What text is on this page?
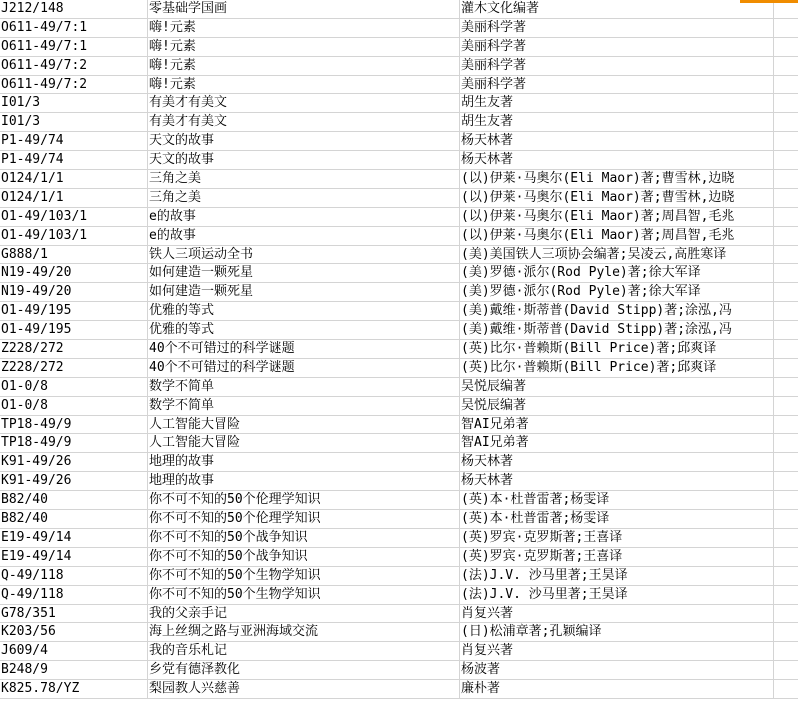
J212/148	零基础学国画	灌木文化编著
O611-49/7:1	嗨!元素	美丽科学著
O611-49/7:1	嗨!元素	美丽科学著
O611-49/7:2	嗨!元素	美丽科学著
O611-49/7:2	嗨!元素	美丽科学著
I01/3	有美才有美文	胡生友著
I01/3	有美才有美文	胡生友著
P1-49/74	天文的故事	杨天林著
P1-49/74	天文的故事	杨天林著
O124/1/1	三角之美	(以)伊莱·马奥尔(Eli Maor)著;曹雪林,边晓
O124/1/1	三角之美	(以)伊莱·马奥尔(Eli Maor)著;曹雪林,边晓
O1-49/103/1	e的故事	(以)伊莱·马奥尔(Eli Maor)著;周昌智,毛兆
O1-49/103/1	e的故事	(以)伊莱·马奥尔(Eli Maor)著;周昌智,毛兆
G888/1	铁人三项运动全书	(美)美国铁人三项协会编著;吴凌云,高胜寒译
N19-49/20	如何建造一颗死星	(美)罗德·派尔(Rod Pyle)著;徐大军译
N19-49/20	如何建造一颗死星	(美)罗德·派尔(Rod Pyle)著;徐大军译
O1-49/195	优雅的等式	(美)戴维·斯蒂普(David Stipp)著;涂泓,冯
O1-49/195	优雅的等式	(美)戴维·斯蒂普(David Stipp)著;涂泓,冯
Z228/272	40个不可错过的科学谜题	(英)比尔·普赖斯(Bill Price)著;邱爽译
Z228/272	40个不可错过的科学谜题	(英)比尔·普赖斯(Bill Price)著;邱爽译
O1-0/8	数学不简单	吴悦辰编著
O1-0/8	数学不简单	吴悦辰编著
TP18-49/9	人工智能大冒险	智AI兄弟著
TP18-49/9	人工智能大冒险	智AI兄弟著
K91-49/26	地理的故事	杨天林著
K91-49/26	地理的故事	杨天林著
B82/40	你不可不知的50个伦理学知识	(英)本·杜普雷著;杨雯译
B82/40	你不可不知的50个伦理学知识	(英)本·杜普雷著;杨雯译
E19-49/14	你不可不知的50个战争知识	(英)罗宾·克罗斯著;王喜译
E19-49/14	你不可不知的50个战争知识	(英)罗宾·克罗斯著;王喜译
Q-49/118	你不可不知的50个生物学知识	(法)J.V. 沙马里著;王昊译
Q-49/118	你不可不知的50个生物学知识	(法)J.V. 沙马里著;王昊译
G78/351	我的父亲手记	肖复兴著
K203/56	海上丝绸之路与亚洲海域交流	(日)松浦章著;孔颖编译
J609/4	我的音乐札记	肖复兴著
B248/9	乡党有德泽教化	杨波著
K825.78/YZ	梨园教人兴慈善	廉朴著
